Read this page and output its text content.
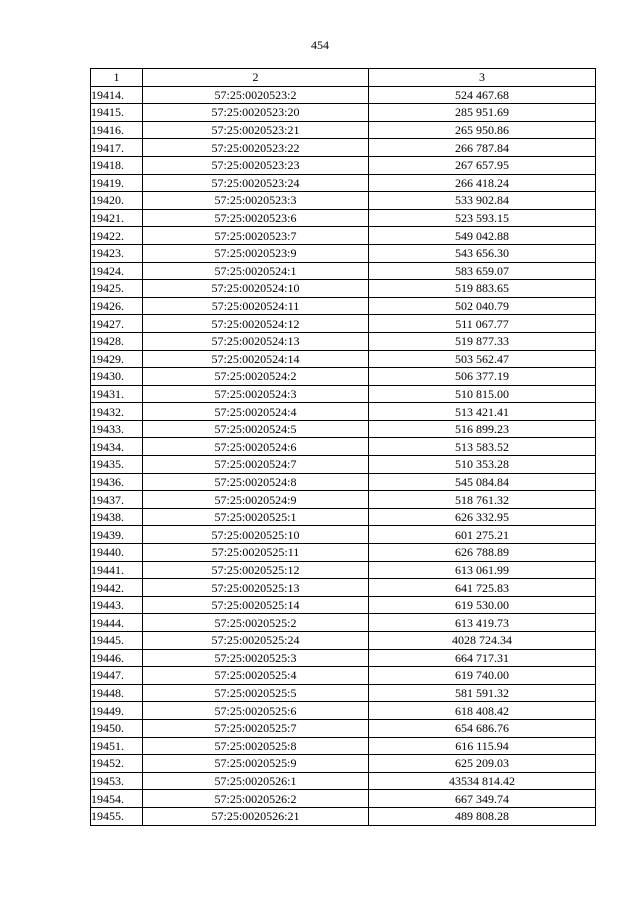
454
1	2	3
19414.	57:25:0020523:2	524 467.68
19415.	57:25:0020523:20	285 951.69
19416.	57:25:0020523:21	265 950.86
19417.	57:25:0020523:22	266 787.84
19418.	57:25:0020523:23	267 657.95
19419.	57:25:0020523:24	266 418.24
19420.	57:25:0020523:3	533 902.84
19421.	57:25:0020523:6	523 593.15
19422.	57:25:0020523:7	549 042.88
19423.	57:25:0020523:9	543 656.30
19424.	57:25:0020524:1	583 659.07
19425.	57:25:0020524:10	519 883.65
19426.	57:25:0020524:11	502 040.79
19427.	57:25:0020524:12	511 067.77
19428.	57:25:0020524:13	519 877.33
19429.	57:25:0020524:14	503 562.47
19430.	57:25:0020524:2	506 377.19
19431.	57:25:0020524:3	510 815.00
19432.	57:25:0020524:4	513 421.41
19433.	57:25:0020524:5	516 899.23
19434.	57:25:0020524:6	513 583.52
19435.	57:25:0020524:7	510 353.28
19436.	57:25:0020524:8	545 084.84
19437.	57:25:0020524:9	518 761.32
19438.	57:25:0020525:1	626 332.95
19439.	57:25:0020525:10	601 275.21
19440.	57:25:0020525:11	626 788.89
19441.	57:25:0020525:12	613 061.99
19442.	57:25:0020525:13	641 725.83
19443.	57:25:0020525:14	619 530.00
19444.	57:25:0020525:2	613 419.73
19445.	57:25:0020525:24	4028 724.34
19446.	57:25:0020525:3	664 717.31
19447.	57:25:0020525:4	619 740.00
19448.	57:25:0020525:5	581 591.32
19449.	57:25:0020525:6	618 408.42
19450.	57:25:0020525:7	654 686.76
19451.	57:25:0020525:8	616 115.94
19452.	57:25:0020525:9	625 209.03
19453.	57:25:0020526:1	43534 814.42
19454.	57:25:0020526:2	667 349.74
19455.	57:25:0020526:21	489 808.28
